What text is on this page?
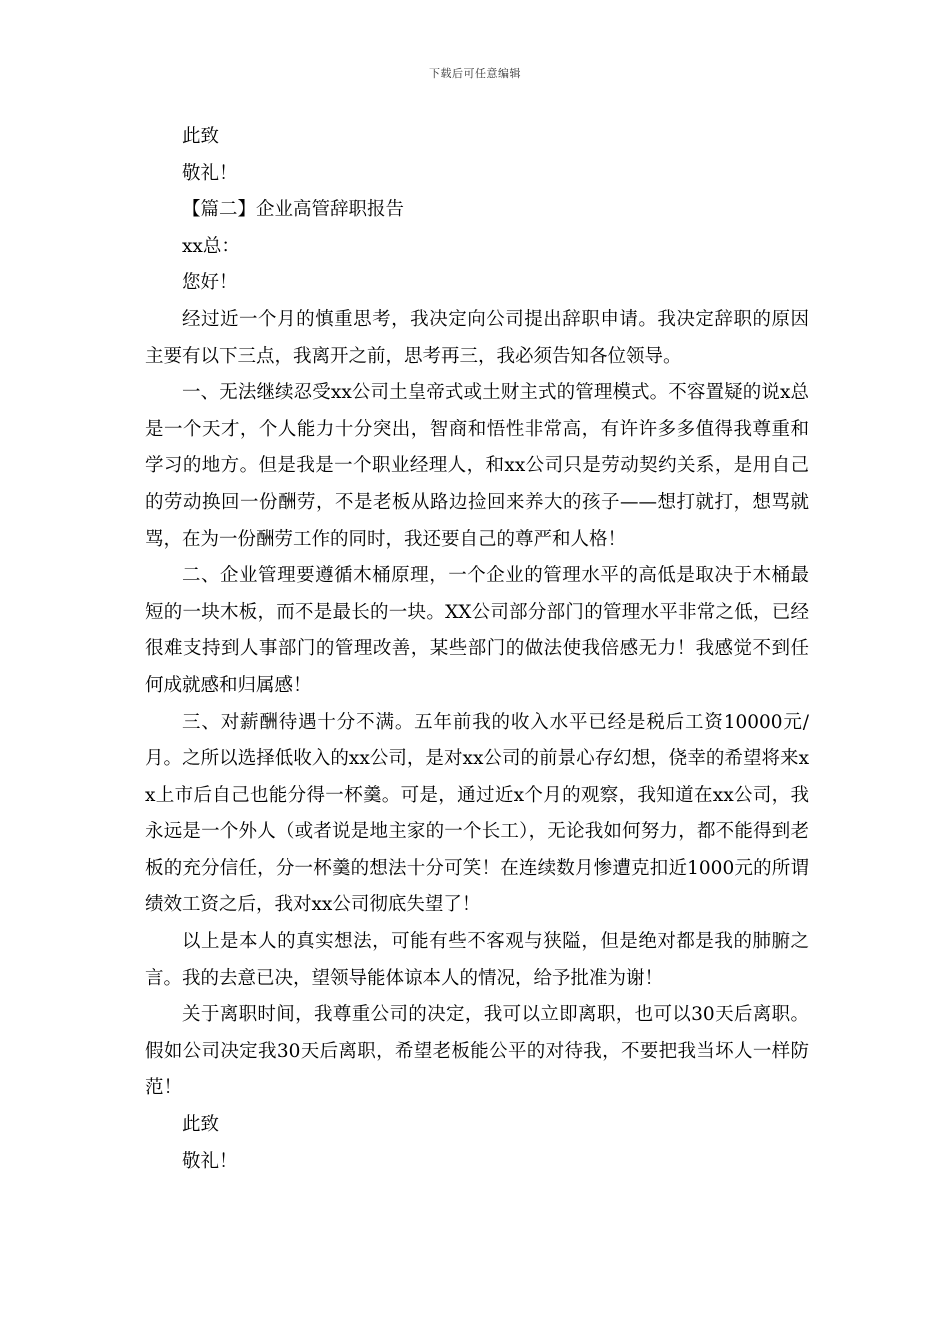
下载后可任意编辑

此致

敬礼！

【篇二】企业高管辞职报告

xx总：

您好！

经过近一个月的慎重思考，我决定向公司提出辞职申请。我决定辞职的原因主要有以下三点，我离开之前，思考再三，我必须告知各位领导。

一、无法继续忍受xx公司土皇帝式或土财主式的管理模式。不容置疑的说x总是一个天才，个人能力十分突出，智商和悟性非常高，有许许多多值得我尊重和学习的地方。但是我是一个职业经理人，和xx公司只是劳动契约关系，是用自己的劳动换回一份酬劳，不是老板从路边捡回来养大的孩子——想打就打，想骂就骂，在为一份酬劳工作的同时，我还要自己的尊严和人格！

二、企业管理要遵循木桶原理，一个企业的管理水平的高低是取决于木桶最短的一块木板，而不是最长的一块。XX公司部分部门的管理水平非常之低，已经很难支持到人事部门的管理改善，某些部门的做法使我倍感无力！我感觉不到任何成就感和归属感！

三、对薪酬待遇十分不满。五年前我的收入水平已经是税后工资10000元/月。之所以选择低收入的xx公司，是对xx公司的前景心存幻想，侥幸的希望将来xx上市后自己也能分得一杯羹。可是，通过近x个月的观察，我知道在xx公司，我永远是一个外人（或者说是地主家的一个长工），无论我如何努力，都不能得到老板的充分信任，分一杯羹的想法十分可笑！在连续数月惨遭克扣近1000元的所谓绩效工资之后，我对xx公司彻底失望了！

以上是本人的真实想法，可能有些不客观与狭隘，但是绝对都是我的肺腑之言。我的去意已决，望领导能体谅本人的情况，给予批准为谢！

关于离职时间，我尊重公司的决定，我可以立即离职，也可以30天后离职。假如公司决定我30天后离职，希望老板能公平的对待我，不要把我当坏人一样防范！

此致

敬礼！
